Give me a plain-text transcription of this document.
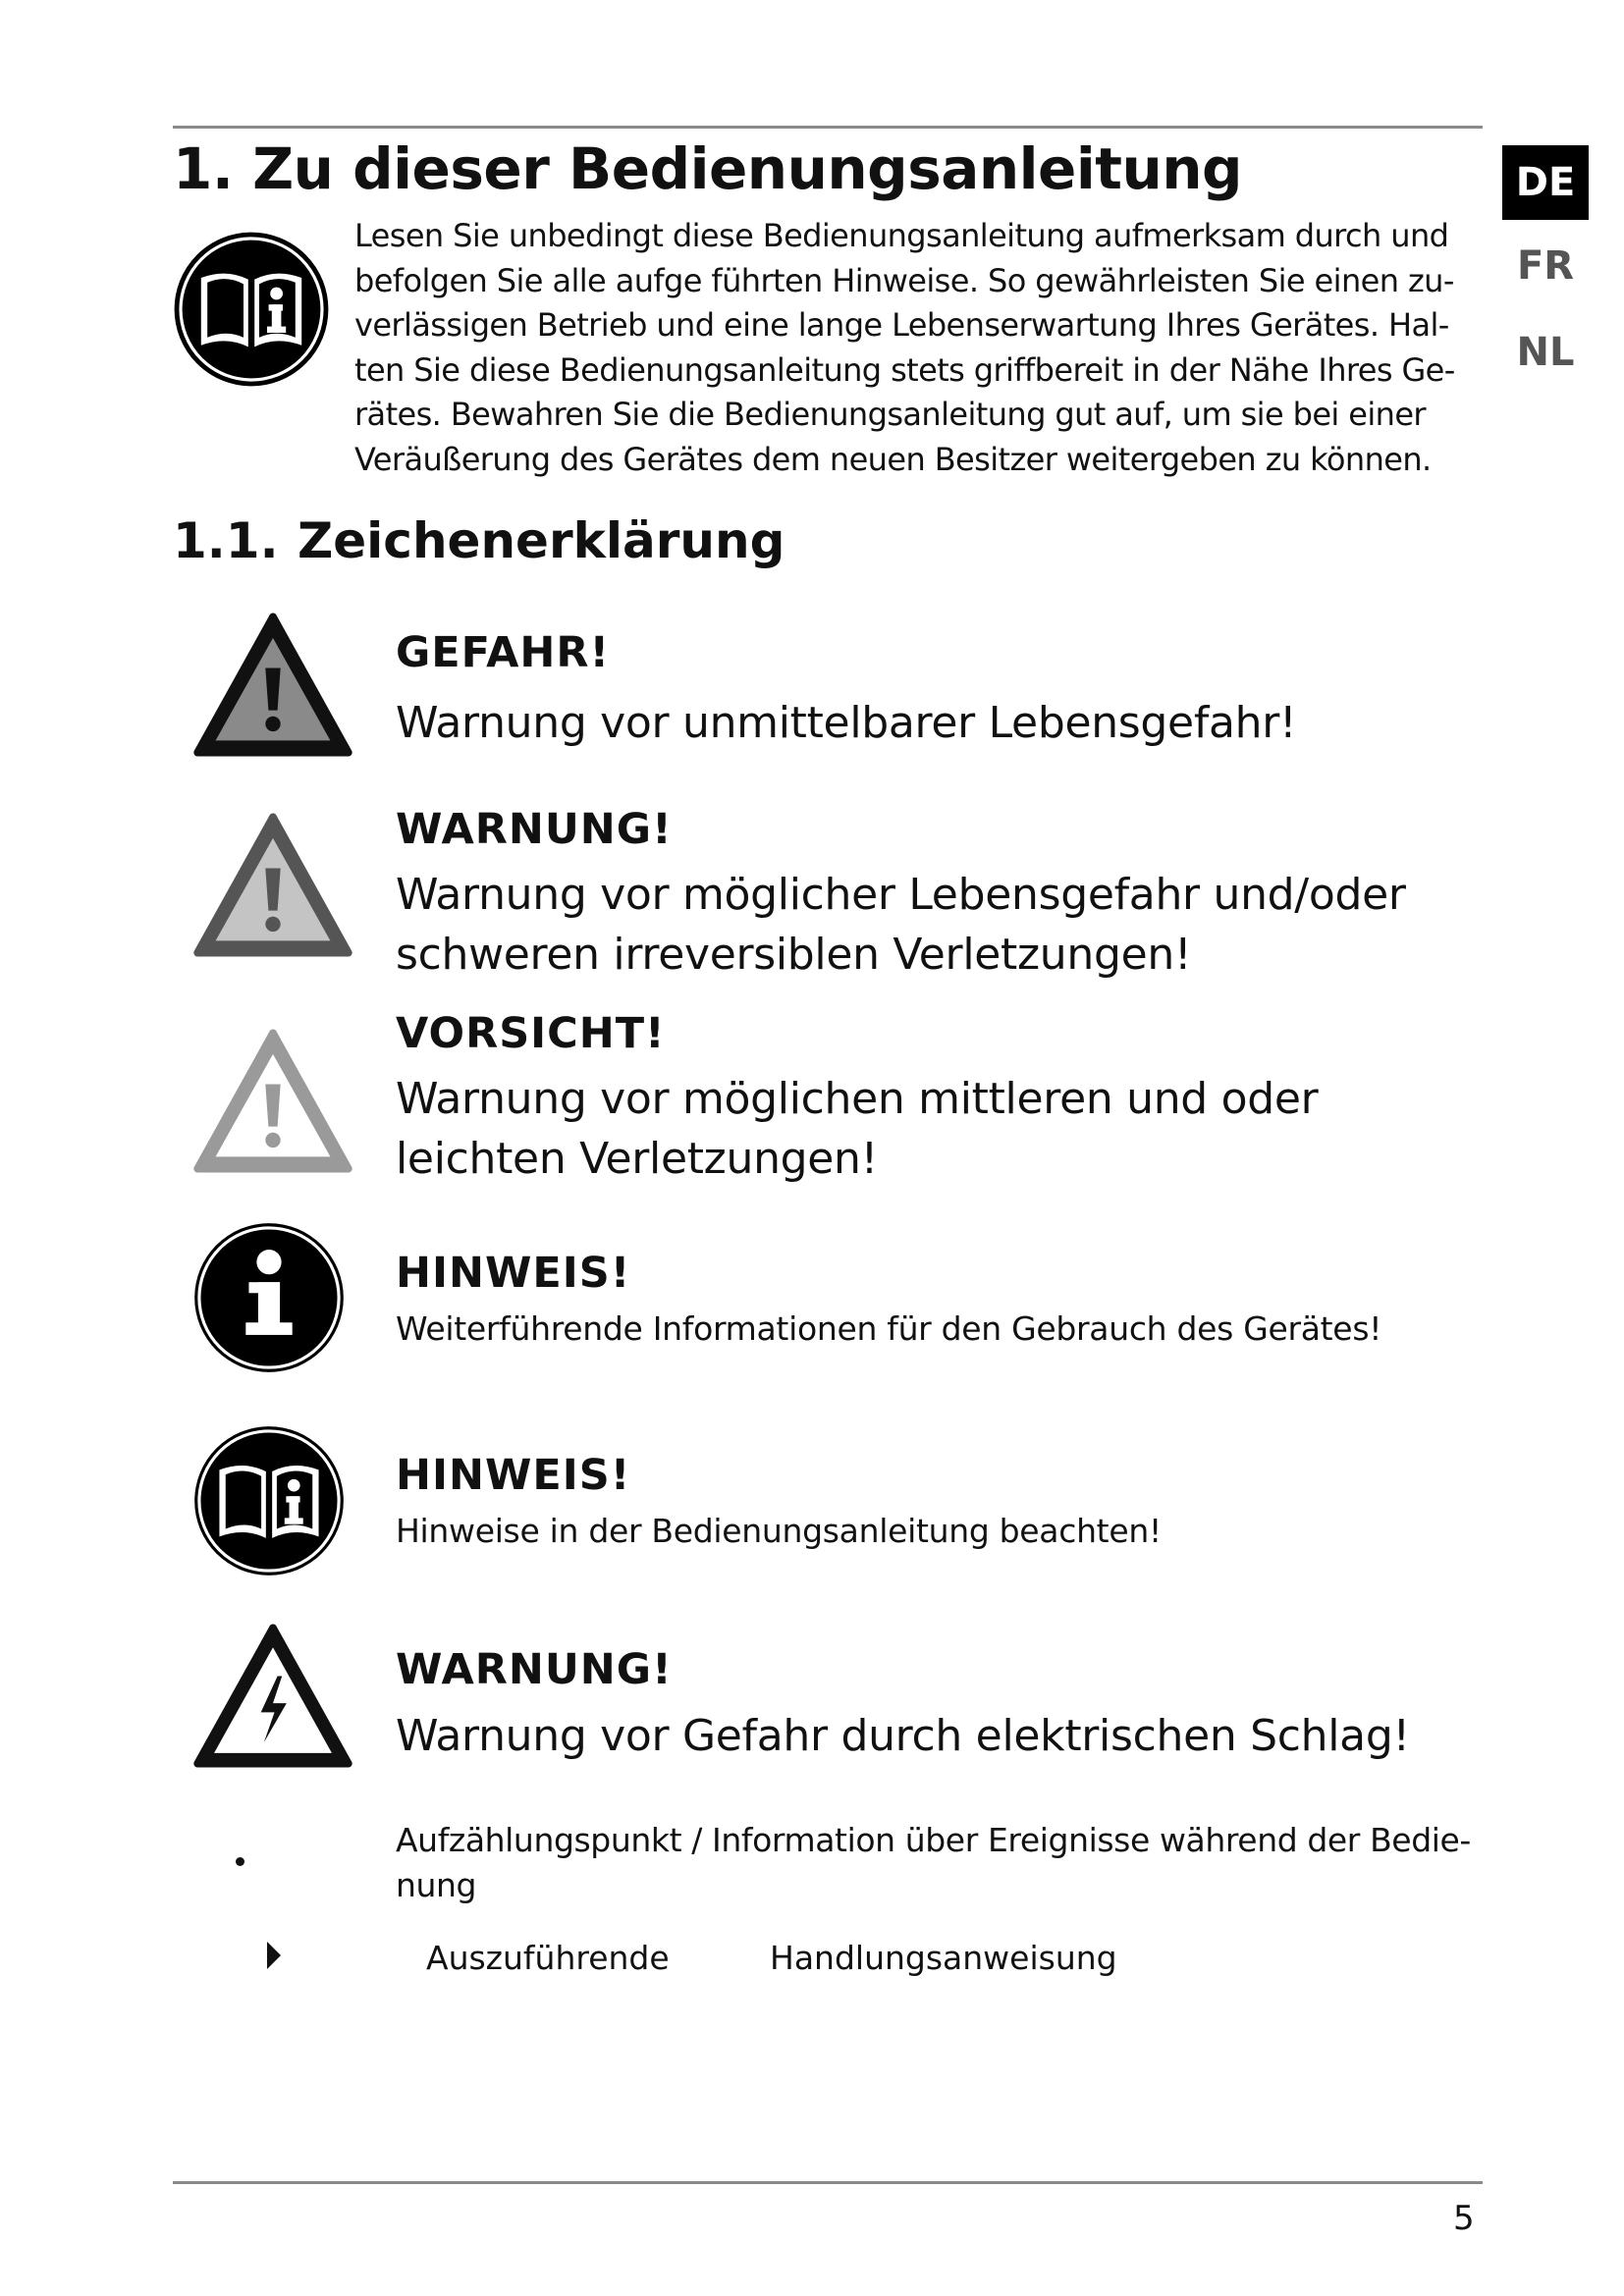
DE
FR
NL
1. Zu dieser Bedienungsanleitung
Lesen Sie unbedingt diese Bedienungsanleitung aufmerksam durch und
befolgen Sie alle aufge führten Hinweise. So gewährleisten Sie einen zu-
verlässigen Betrieb und eine lange Lebenserwartung Ihres Gerätes. Hal-
ten Sie diese Bedienungsanleitung stets griffbereit in der Nähe Ihres Ge-
rätes. Bewahren Sie die Bedienungsanleitung gut auf, um sie bei einer
Veräußerung des Gerätes dem neuen Besitzer weitergeben zu können.
1.1. Zeichenerklärung
GEFAHR!
Warnung vor unmittelbarer Lebensgefahr!
WARNUNG!
Warnung vor möglicher Lebensgefahr und/oder schweren irreversiblen Verletzungen!
VORSICHT!
Warnung vor möglichen mittleren und oder leichten Verletzungen!
HINWEIS!
Weiterführende Informationen für den Gebrauch des Gerätes!
HINWEIS!
Hinweise in der Bedienungsanleitung beachten!
WARNUNG!
Warnung vor Gefahr durch elektrischen Schlag!
Aufzählungspunkt / Information über Ereignisse während der Bedie-
nung
Auszuführende	Handlungsanweisung
5
